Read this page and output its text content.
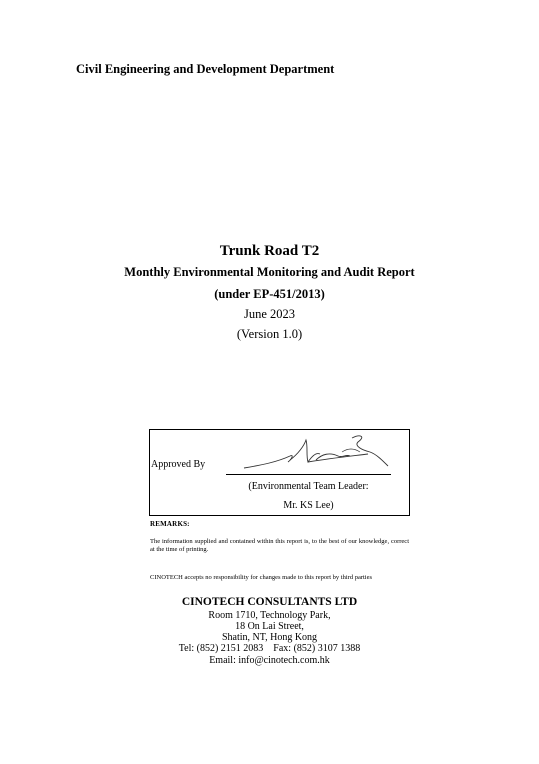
Civil Engineering and Development Department
Trunk Road T2
Monthly Environmental Monitoring and Audit Report
(under EP-451/2013)
June 2023
(Version 1.0)
Approved By
(Environmental Team Leader:
Mr. KS Lee)
REMARKS:
The information supplied and contained within this report is, to the best of our knowledge, correct at the time of printing.
CINOTECH accepts no responsibility for changes made to this report by third parties
CINOTECH CONSULTANTS LTD
Room 1710, Technology Park,
18 On Lai Street,
Shatin, NT, Hong Kong
Tel: (852) 2151 2083    Fax: (852) 3107 1388
Email: info@cinotech.com.hk
